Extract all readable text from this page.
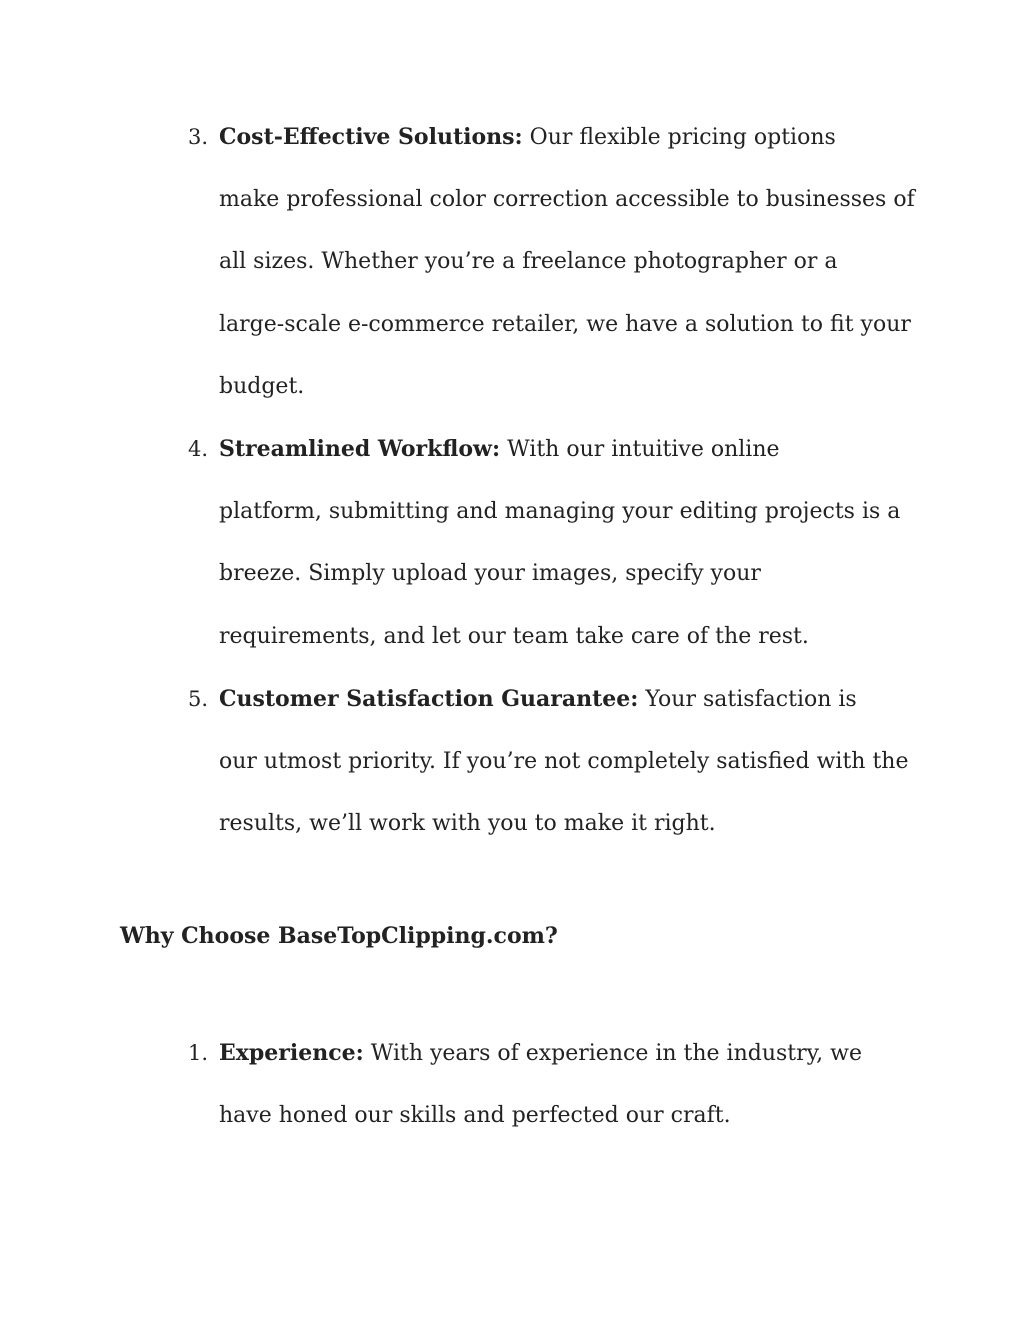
3. Cost-Effective Solutions: Our flexible pricing options
make professional color correction accessible to businesses of
all sizes. Whether you’re a freelance photographer or a
large-scale e-commerce retailer, we have a solution to fit your
budget.
4. Streamlined Workflow: With our intuitive online
platform, submitting and managing your editing projects is a
breeze. Simply upload your images, specify your
requirements, and let our team take care of the rest.
5. Customer Satisfaction Guarantee: Your satisfaction is
our utmost priority. If you’re not completely satisfied with the
results, we’ll work with you to make it right.
Why Choose BaseTopClipping.com?
1. Experience: With years of experience in the industry, we
have honed our skills and perfected our craft.
